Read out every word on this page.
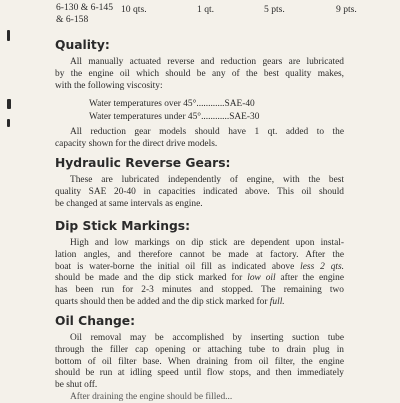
6-130 & 6-145
& 6-158
10 qts.	1 qt.	5 pts.	9 pts.
Quality:
All manually actuated reverse and reduction gears are lubricated
by the engine oil which should be any of the best quality makes,
with the following viscosity:
Water temperatures over 45°............SAE-40
Water temperatures under 45°............SAE-30
All reduction gear models should have 1 qt. added to the
capacity shown for the direct drive models.
Hydraulic Reverse Gears:
These are lubricated independently of engine, with the best
quality SAE 20-40 in capacities indicated above. This oil should
be changed at same intervals as engine.
Dip Stick Markings:
High and low markings on dip stick are dependent upon instal-
lation angles, and therefore cannot be made at factory. After the
boat is water-borne the initial oil fill as indicated above less 2 qts.
should be made and the dip stick marked for low oil after the engine
has been run for 2-3 minutes and stopped. The remaining two
quarts should then be added and the dip stick marked for full.
Oil Change:
Oil removal may be accomplished by inserting suction tube
through the filler cap opening or attaching tube to drain plug in
bottom of oil filter base. When draining from oil filter, the engine
should be run at idling speed until flow stops, and then immediately
be shut off.
After draining the engine should be filled...
